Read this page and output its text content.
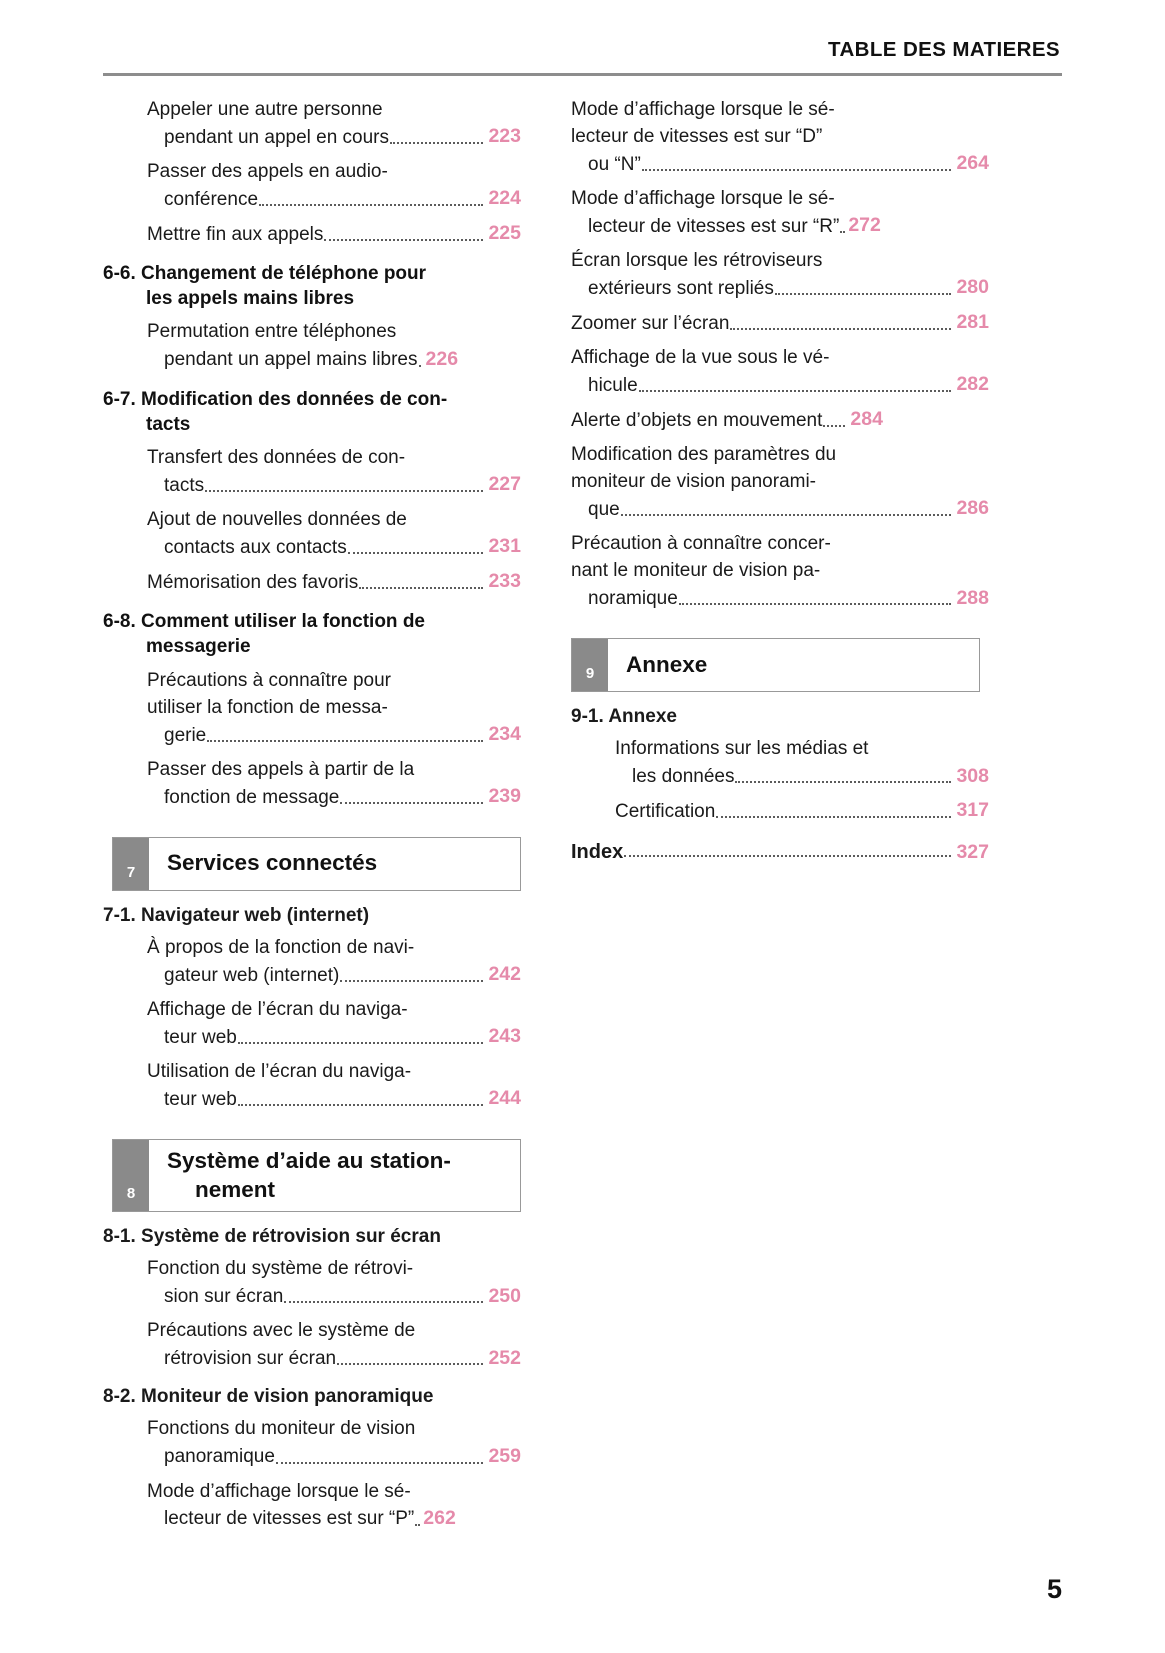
TABLE DES MATIERES
Appeler une autre personne
pendant un appel en cours	223
Passer des appels en audio-
conférence	224
Mettre fin aux appels	225
6-6. Changement de téléphone pour
les appels mains libres
Permutation entre téléphones
pendant un appel mains libres 226
6-7. Modification des données de con-
tacts
Transfert des données de con-
tacts	227
Ajout de nouvelles données de
contacts aux contacts	231
Mémorisation des favoris	233
6-8. Comment utiliser la fonction de
messagerie
Précautions à connaître pour
utiliser la fonction de messa-
gerie	234
Passer des appels à partir de la
fonction de message	239
7	Services connectés
7-1. Navigateur web (internet)
À propos de la fonction de navi-
gateur web (internet)	242
Affichage de l’écran du naviga-
teur web	243
Utilisation de l’écran du naviga-
teur web	244
8
Système d’aide au station-
nement
8-1. Système de rétrovision sur écran
Fonction du système de rétrovi-
sion sur écran	250
Précautions avec le système de
rétrovision sur écran	252
8-2. Moniteur de vision panoramique
Fonctions du moniteur de vision
panoramique	259
Mode d’affichage lorsque le sé-
lecteur de vitesses est sur “P” 262
Mode d’affichage lorsque le sé-
lecteur de vitesses est sur “D”
ou “N”	264
Mode d’affichage lorsque le sé-
lecteur de vitesses est sur “R” 272
Écran lorsque les rétroviseurs
extérieurs sont repliés	280
Zoomer sur l’écran	281
Affichage de la vue sous le vé-
hicule	282
Alerte d’objets en mouvement 284
Modification des paramètres du
moniteur de vision panorami-
que	286
Précaution à connaître concer-
nant le moniteur de vision pa-
noramique	288
9	Annexe
9-1. Annexe
Informations sur les médias et
les données	308
Certification	317
Index	327
5
